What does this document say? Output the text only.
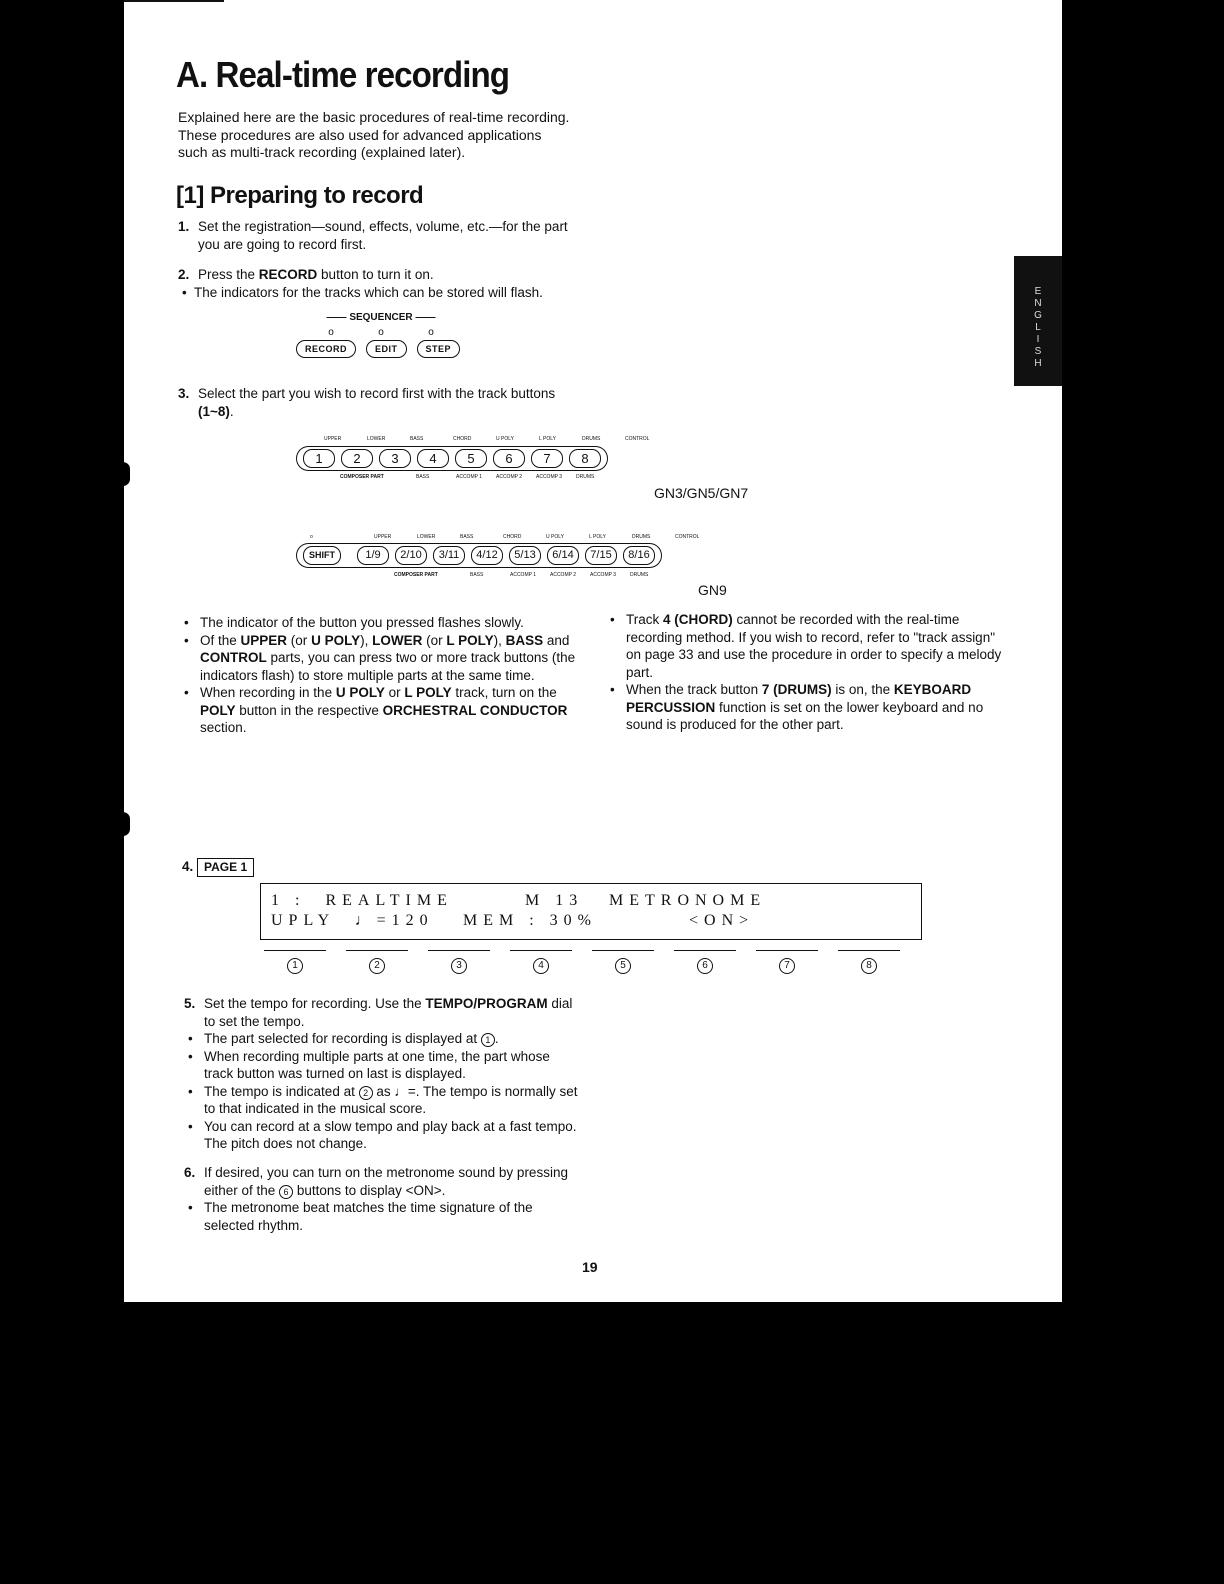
E
N
G
L
I
S
H
A. Real-time recording
Explained here are the basic procedures of real-time recording. These procedures are also used for advanced applications such as multi-track recording (explained later).
[1] Preparing to record
1. Set the registration—sound, effects, volume, etc.—for the part you are going to record first.
2. Press the RECORD button to turn it on.
• The indicators for the tracks which can be stored will flash.
—— SEQUENCER ——
o	o	o
RECORD	EDIT	STEP
3. Select the part you wish to record first with the track buttons (1~8).
UPPER	LOWER	BASS	CHORD	U POLY	L POLY	DRUMS	CONTROL
1	2	3	4	5	6	7	8
COMPOSER PART	BASS	ACCOMP 1	ACCOMP 2	ACCOMP 3	DRUMS
GN3/GN5/GN7
o	UPPER	LOWER	BASS	CHORD	U POLY	L POLY	DRUMS	CONTROL
SHIFT	1/9	2/10	3/11	4/12	5/13	6/14	7/15	8/16
COMPOSER PART	BASS	ACCOMP 1	ACCOMP 2	ACCOMP 3	DRUMS
GN9
• The indicator of the button you pressed flashes slowly.
• Of the UPPER (or U POLY), LOWER (or L POLY), BASS and CONTROL parts, you can press two or more track buttons (the indicators flash) to store multiple parts at the same time.
• When recording in the U POLY or L POLY track, turn on the POLY button in the respective ORCHESTRAL CONDUCTOR section.
• Track 4 (CHORD) cannot be recorded with the real-time recording method. If you wish to record, refer to "track assign" on page 33 and use the procedure in order to specify a melody part.
• When the track button 7 (DRUMS) is on, the KEYBOARD PERCUSSION function is set on the lower keyboard and no sound is produced for the other part.
4. PAGE 1
1 :  REALTIME	M 13 METRONOME
UPLY  ♩=120 MEM : 30%	<ON>
1	2	3	4	5	6	7	8
5. Set the tempo for recording. Use the TEMPO/PROGRAM dial to set the tempo.
• The part selected for recording is displayed at 1 .
• When recording multiple parts at one time, the part whose track button was turned on last is displayed.
• The tempo is indicated at 2 as ♩=. The tempo is normally set to that indicated in the musical score.
• You can record at a slow tempo and play back at a fast tempo. The pitch does not change.
6. If desired, you can turn on the metronome sound by pressing either of the 6 buttons to display <ON>.
• The metronome beat matches the time signature of the selected rhythm.
19
